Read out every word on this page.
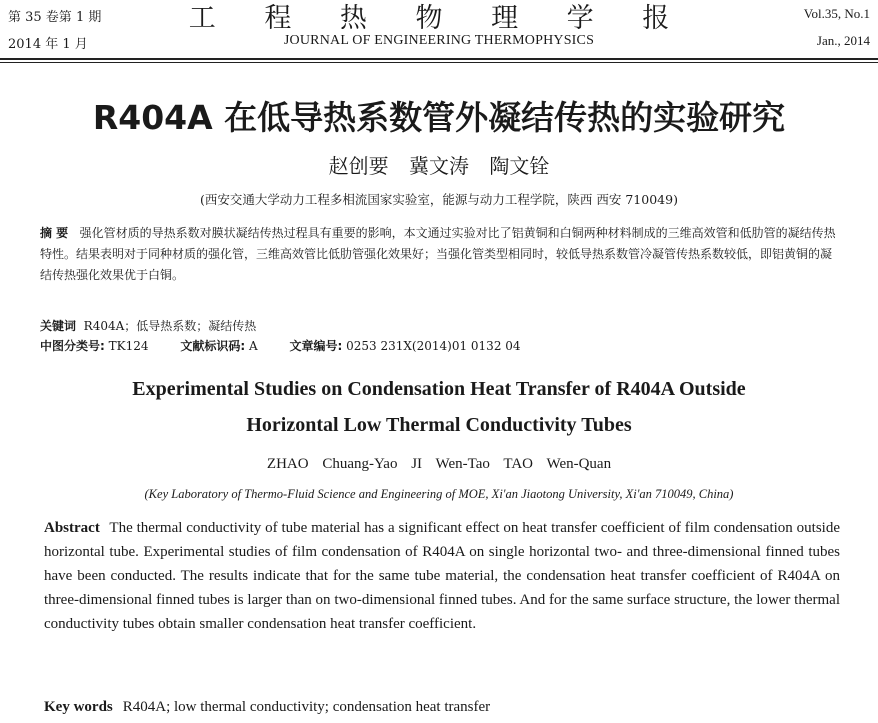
第 35 卷第 1 期
2014 年 1 月
工 程 热 物 理 学 报
JOURNAL OF ENGINEERING THERMOPHYSICS
Vol.35, No.1
Jan., 2014
R404A 在低导热系数管外凝结传热的实验研究
赵创要 冀文涛 陶文铨
(西安交通大学动力工程多相流国家实验室，能源与动力工程学院，陕西 西安 710049)
摘 要 强化管材质的导热系数对膜状凝结传热过程具有重要的影响，本文通过实验对比了铝黄铜和白铜两种材料制成的三维高效管和低肋管的凝结传热特性。结果表明对于同种材质的强化管，三维高效管比低肋管强化效果好；当强化管类型相同时，较低导热系数管冷凝管传热系数较低，即铝黄铜的凝结传热强化效果优于白铜。
关键词 R404A；低导热系数；凝结传热
中图分类号: TK124	文献标识码: A	文章编号: 0253 231X(2014)01 0132 04
Experimental Studies on Condensation Heat Transfer of R404A Outside
Horizontal Low Thermal Conductivity Tubes
ZHAO Chuang-Yao JI Wen-Tao TAO Wen-Quan
(Key Laboratory of Thermo-Fluid Science and Engineering of MOE, Xi'an Jiaotong University, Xi'an 710049, China)
Abstract The thermal conductivity of tube material has a significant effect on heat transfer coefficient of film condensation outside horizontal tube. Experimental studies of film condensation of R404A on single horizontal two- and three-dimensional finned tubes have been conducted. The results indicate that for the same tube material, the condensation heat transfer coefficient of R404A on three-dimensional finned tubes is larger than on two-dimensional finned tubes. And for the same surface structure, the lower thermal conductivity tubes obtain smaller condensation heat transfer coefficient.
Key words R404A; low thermal conductivity; condensation heat transfer
